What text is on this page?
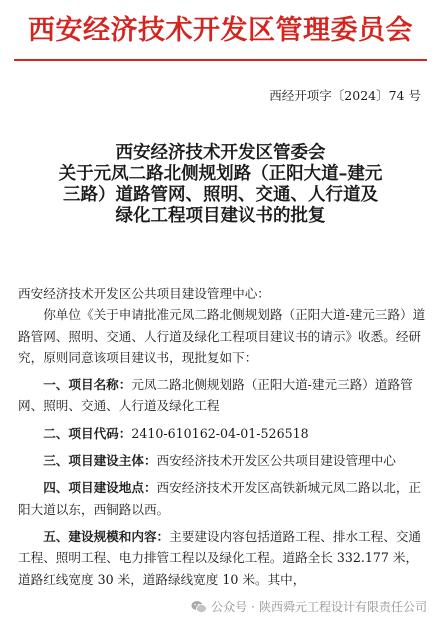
西安经济技术开发区管理委员会
西经开项字〔2024〕74 号
西安经济技术开发区管委会
关于元凤二路北侧规划路（正阳大道–建元
三路）道路管网、照明、交通、人行道及
绿化工程项目建议书的批复

西安经济技术开发区公共项目建设管理中心：

你单位《关于申请批准元凤二路北侧规划路（正阳大道-建元三路）道路管网、照明、交通、人行道及绿化工程项目建议书的请示》收悉。经研究，原则同意该项目建议书，现批复如下：

一、项目名称：元凤二路北侧规划路（正阳大道-建元三路）道路管网、照明、交通、人行道及绿化工程

二、项目代码：2410-610162-04-01-526518

三、项目建设主体：西安经济技术开发区公共项目建设管理中心

四、项目建设地点：西安经济技术开发区高铁新城元凤二路以北，正阳大道以东，西铜路以西。

五、建设规模和内容：主要建设内容包括道路工程、排水工程、交通工程、照明工程、电力排管工程以及绿化工程。道路全长 332.177 米，道路红线宽度 30 米，道路绿线宽度 10 米。其中，

公众号 · 陕西舜元工程设计有限责任公司
